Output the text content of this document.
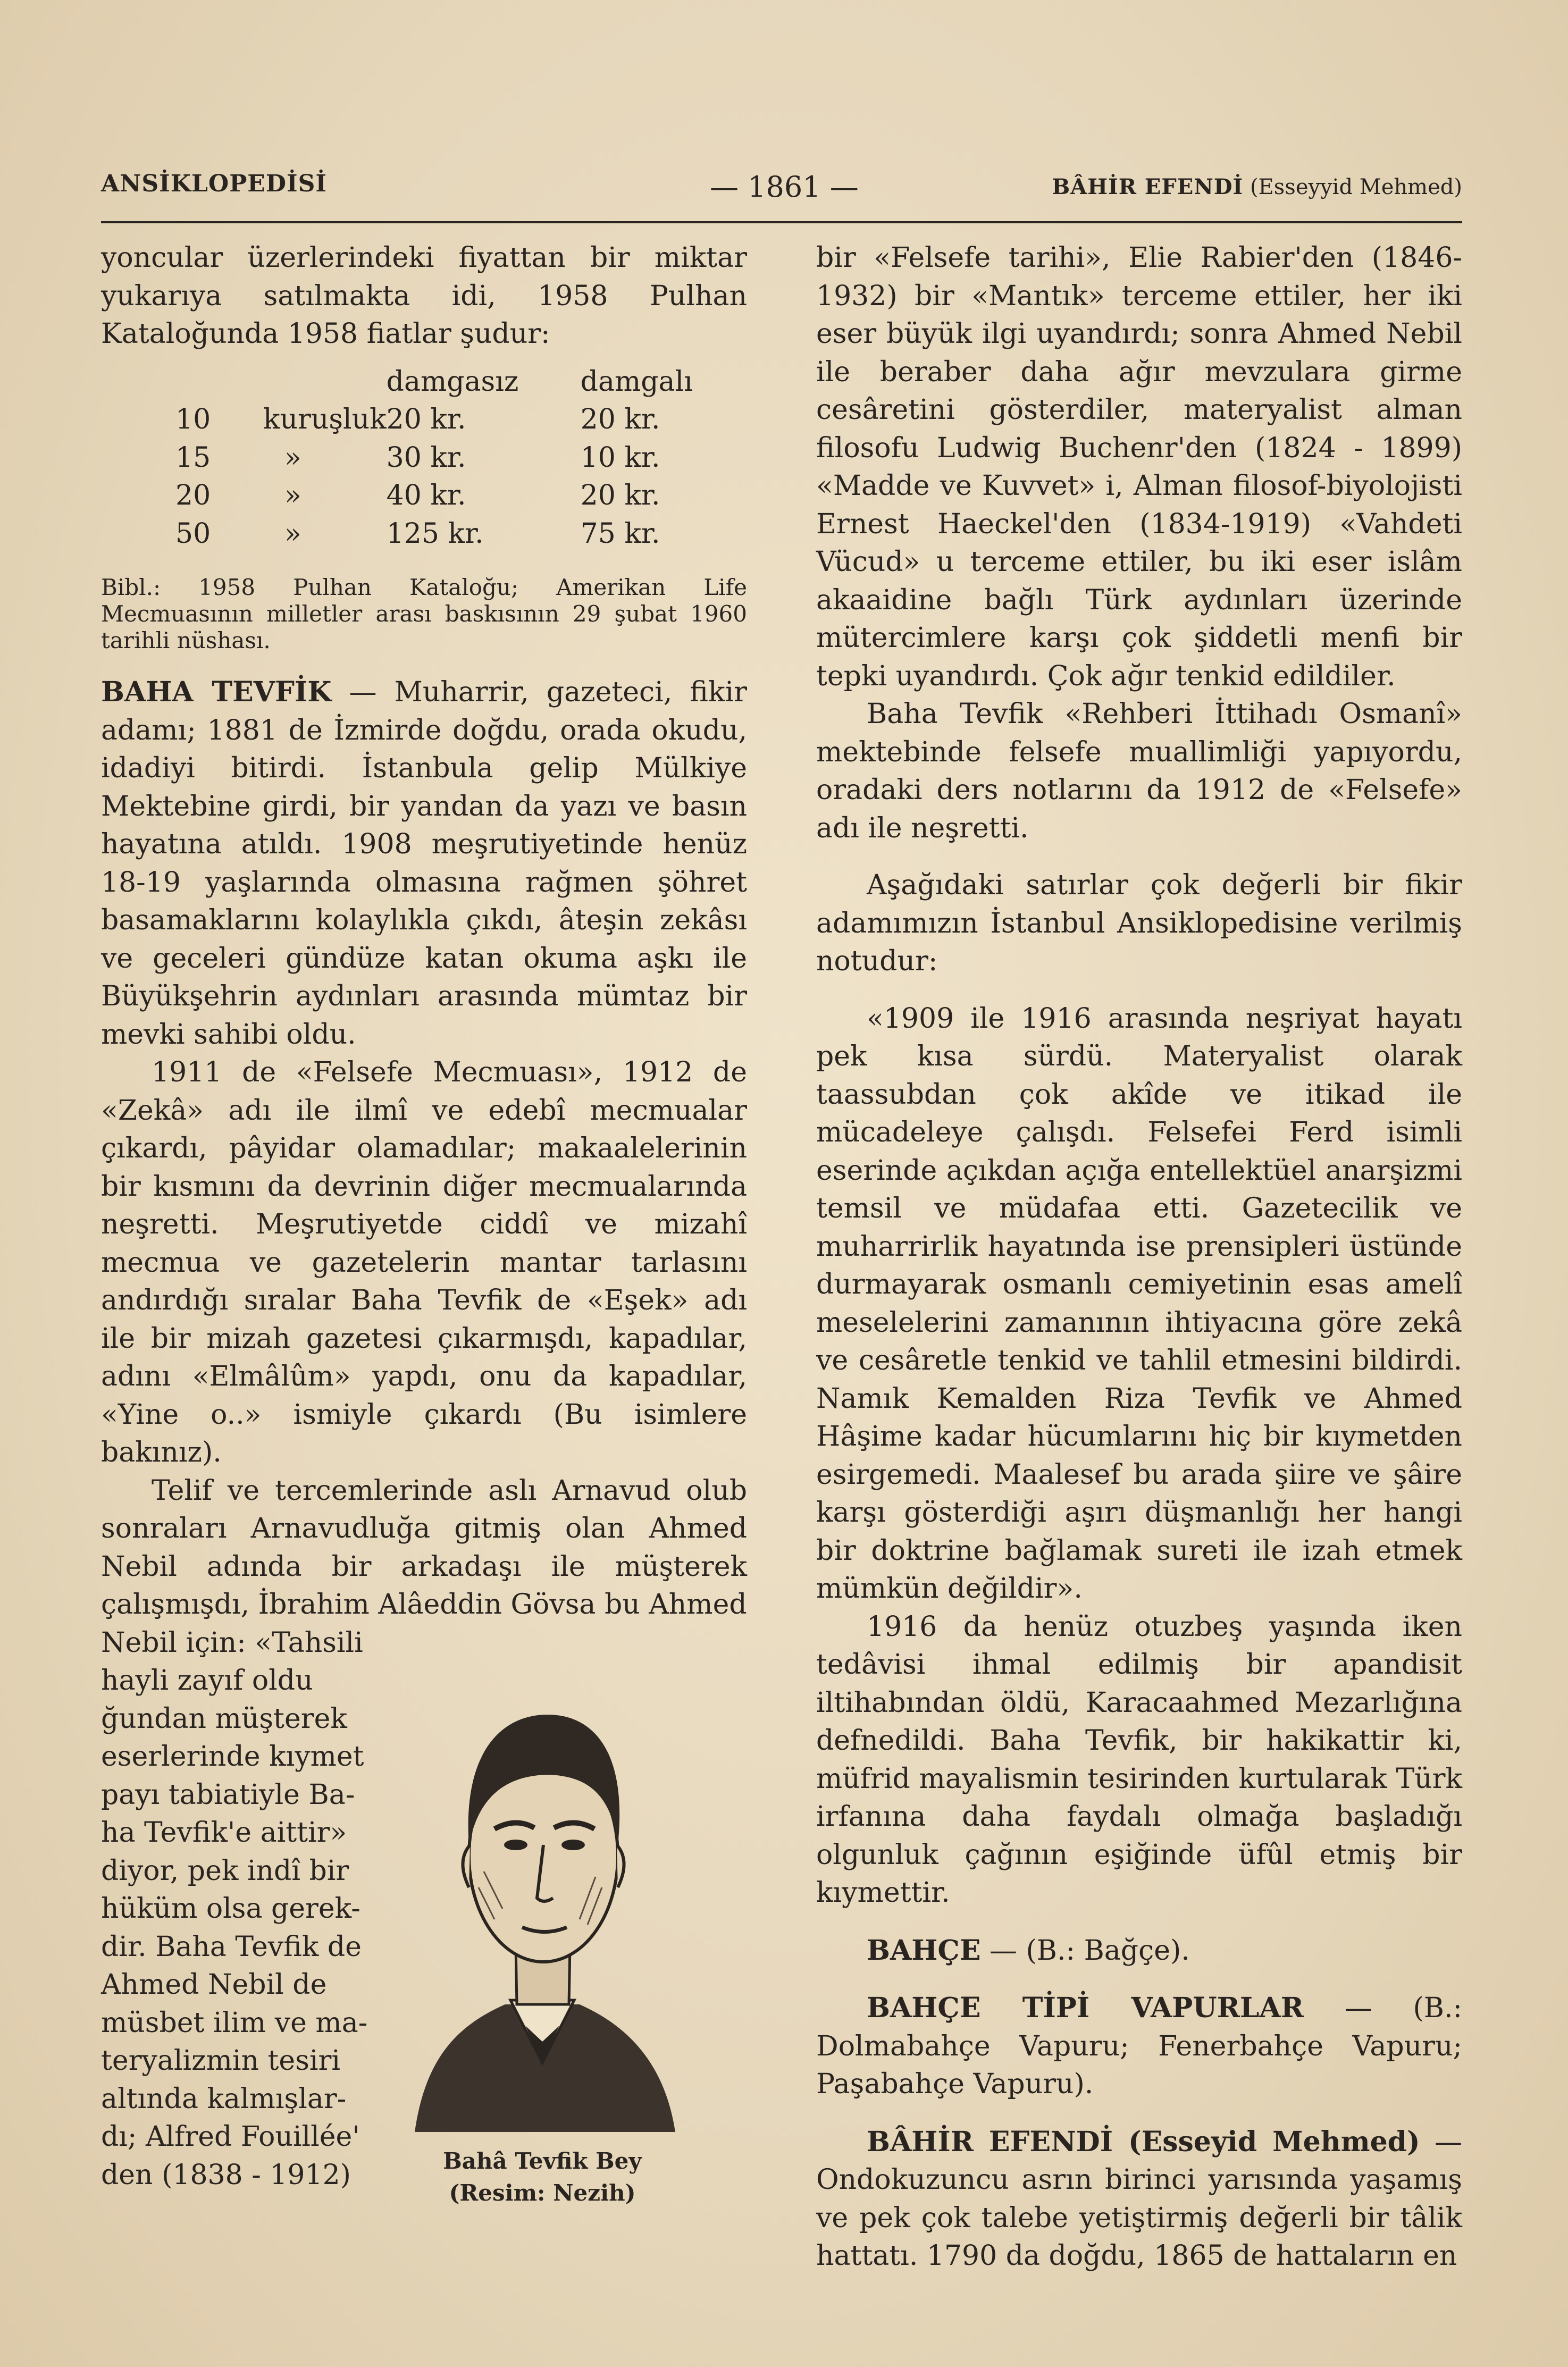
ANSİKLOPEDİSİ	— 1861 —	BÂHİR EFENDİ (Esseyyid Mehmed)

yoncular üzerlerindeki fiyattan bir miktar yukarıya satılmakta idi, 1958 Pulhan Kataloğunda 1958 fiatlar şudur:

		damgasız	damgalı
10	kuruşluk	20 kr.	20 kr.
15	»	30 kr.	10 kr.
20	»	40 kr.	20 kr.
50	»	125 kr.	75 kr.

Bibl.: 1958 Pulhan Kataloğu; Amerikan Life Mecmuasının milletler arası baskısının 29 şubat 1960 tarihli nüshası.

BAHA TEVFİK — Muharrir, gazeteci, fikir adamı; 1881 de İzmirde doğdu, orada okudu, idadiyi bitirdi. İstanbula gelip Mülkiye Mektebine girdi, bir yandan da yazı ve basın hayatına atıldı. 1908 meşrutiyetinde henüz 18-19 yaşlarında olmasına rağmen şöhret basamaklarını kolaylıkla çıkdı, âteşin zekâsı ve geceleri gündüze katan okuma aşkı ile Büyükşehrin aydınları arasında mümtaz bir mevki sahibi oldu.

1911 de «Felsefe Mecmuası», 1912 de «Zekâ» adı ile ilmî ve edebî mecmualar çıkardı, pâyidar olamadılar; makaalelerinin bir kısmını da devrinin diğer mecmualarında neşretti. Meşrutiyetde ciddî ve mizahî mecmua ve gazetelerin mantar tarlasını andırdığı sıralar Baha Tevfik de «Eşek» adı ile bir mizah gazetesi çıkarmışdı, kapadılar, adını «Elmâlûm» yapdı, onu da kapadılar, «Yine o..» ismiyle çıkardı (Bu isimlere bakınız).

Telif ve tercemlerinde aslı Arnavud olub sonraları Arnavudluğa gitmiş olan Ahmed Nebil adında bir arkadaşı ile müşterek çalışmışdı, İbrahim Alâeddin Gövsa bu Ahmed

Nebil için: «Tahsili

hayli zayıf oldu

ğundan müşterek

eserlerinde kıymet

payı tabiatiyle Ba-

ha Tevfik'e aittir»

diyor, pek indî bir

hüküm olsa gerek-

dir. Baha Tevfik de

Ahmed Nebil de

müsbet ilim ve ma-

teryalizmin tesiri

altında kalmışlar-

dı; Alfred Fouillée'

den (1838 - 1912)	Bahâ Tevfik Bey
(Resim: Nezih)

bir «Felsefe tarihi», Elie Rabier'den (1846-1932) bir «Mantık» terceme ettiler, her iki eser büyük ilgi uyandırdı; sonra Ahmed Nebil ile beraber daha ağır mevzulara girme cesâretini gösterdiler, materyalist alman filosofu Ludwig Buchenr'den (1824 - 1899) «Madde ve Kuvvet» i, Alman filosof-biyolojisti Ernest Haeckel'den (1834-1919) «Vahdeti Vücud» u terceme ettiler, bu iki eser islâm akaaidine bağlı Türk aydınları üzerinde mütercimlere karşı çok şiddetli menfi bir tepki uyandırdı. Çok ağır tenkid edildiler.

Baha Tevfik «Rehberi İttihadı Osmanî» mektebinde felsefe muallimliği yapıyordu, oradaki ders notlarını da 1912 de «Felsefe» adı ile neşretti.

Aşağıdaki satırlar çok değerli bir fikir adamımızın İstanbul Ansiklopedisine verilmiş notudur:

«1909 ile 1916 arasında neşriyat hayatı pek kısa sürdü. Materyalist olarak taassubdan çok akîde ve itikad ile mücadeleye çalışdı. Felsefei Ferd isimli eserinde açıkdan açığa entellektüel anarşizmi temsil ve müdafaa etti. Gazetecilik ve muharrirlik hayatında ise prensipleri üstünde durmayarak osmanlı cemiyetinin esas amelî meselelerini zamanının ihtiyacına göre zekâ ve cesâretle tenkid ve tahlil etmesini bildirdi. Namık Kemalden Riza Tevfik ve Ahmed Hâşime kadar hücumlarını hiç bir kıymetden esirgemedi. Maalesef bu arada şiire ve şâire karşı gösterdiği aşırı düşmanlığı her hangi bir doktrine bağlamak sureti ile izah etmek mümkün değildir».

1916 da henüz otuzbeş yaşında iken tedâvisi ihmal edilmiş bir apandisit iltihabından öldü, Karacaahmed Mezarlığına defnedildi. Baha Tevfik, bir hakikattir ki, müfrid mayalismin tesirinden kurtularak Türk irfanına daha faydalı olmağa başladığı olgunluk çağının eşiğinde üfûl etmiş bir kıymettir.

BAHÇE — (B.: Bağçe).

BAHÇE TİPİ VAPURLAR — (B.: Dolmabahçe Vapuru; Fenerbahçe Vapuru; Paşabahçe Vapuru).

BÂHİR EFENDİ (Esseyid Mehmed) — Ondokuzuncu asrın birinci yarısında yaşamış ve pek çok talebe yetiştirmiş değerli bir tâlik hattatı. 1790 da doğdu, 1865 de hattaların en
